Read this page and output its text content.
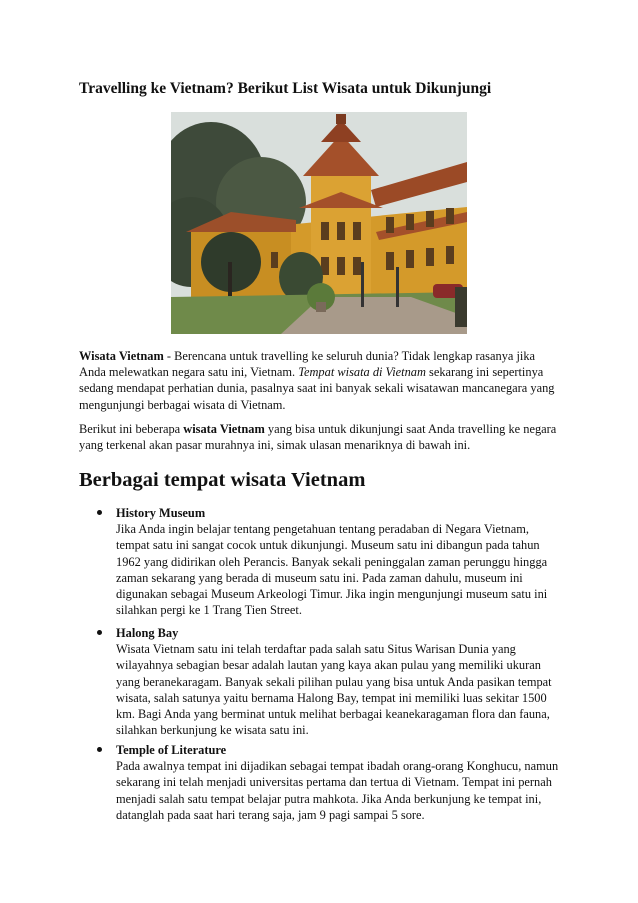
Travelling ke Vietnam? Berikut List Wisata untuk Dikunjungi

Wisata Vietnam - Berencana untuk travelling ke seluruh dunia? Tidak lengkap rasanya jika Anda melewatkan negara satu ini, Vietnam. Tempat wisata di Vietnam sekarang ini sepertinya sedang mendapat perhatian dunia, pasalnya saat ini banyak sekali wisatawan mancanegara yang mengunjungi berbagai wisata di Vietnam.

Berikut ini beberapa wisata Vietnam yang bisa untuk dikunjungi saat Anda travelling ke negara yang terkenal akan pasar murahnya ini, simak ulasan menariknya di bawah ini.

Berbagai tempat wisata Vietnam
History Museum
Jika Anda ingin belajar tentang pengetahuan tentang peradaban di Negara Vietnam, tempat satu ini sangat cocok untuk dikunjungi. Museum satu ini dibangun pada tahun 1962 yang didirikan oleh Perancis. Banyak sekali peninggalan zaman perunggu hingga zaman sekarang yang berada di museum satu ini. Pada zaman dahulu, museum ini digunakan sebagai Museum Arkeologi Timur. Jika ingin mengunjungi museum satu ini silahkan pergi ke 1 Trang Tien Street.
Halong Bay
Wisata Vietnam satu ini telah terdaftar pada salah satu Situs Warisan Dunia yang wilayahnya sebagian besar adalah lautan yang kaya akan pulau yang memiliki ukuran yang beranekaragam. Banyak sekali pilihan pulau yang bisa untuk Anda pasikan tempat wisata, salah satunya yaitu bernama Halong Bay, tempat ini memiliki luas sekitar 1500 km. Bagi Anda yang berminat untuk melihat berbagai keanekaragaman flora dan fauna, silahkan berkunjung ke wisata satu ini.
Temple of Literature
Pada awalnya tempat ini dijadikan sebagai tempat ibadah orang-orang Konghucu, namun sekarang ini telah menjadi universitas pertama dan tertua di Vietnam. Tempat ini pernah menjadi salah satu tempat belajar putra mahkota. Jika Anda berkunjung ke tempat ini, datanglah pada saat hari terang saja, jam 9 pagi sampai 5 sore.
